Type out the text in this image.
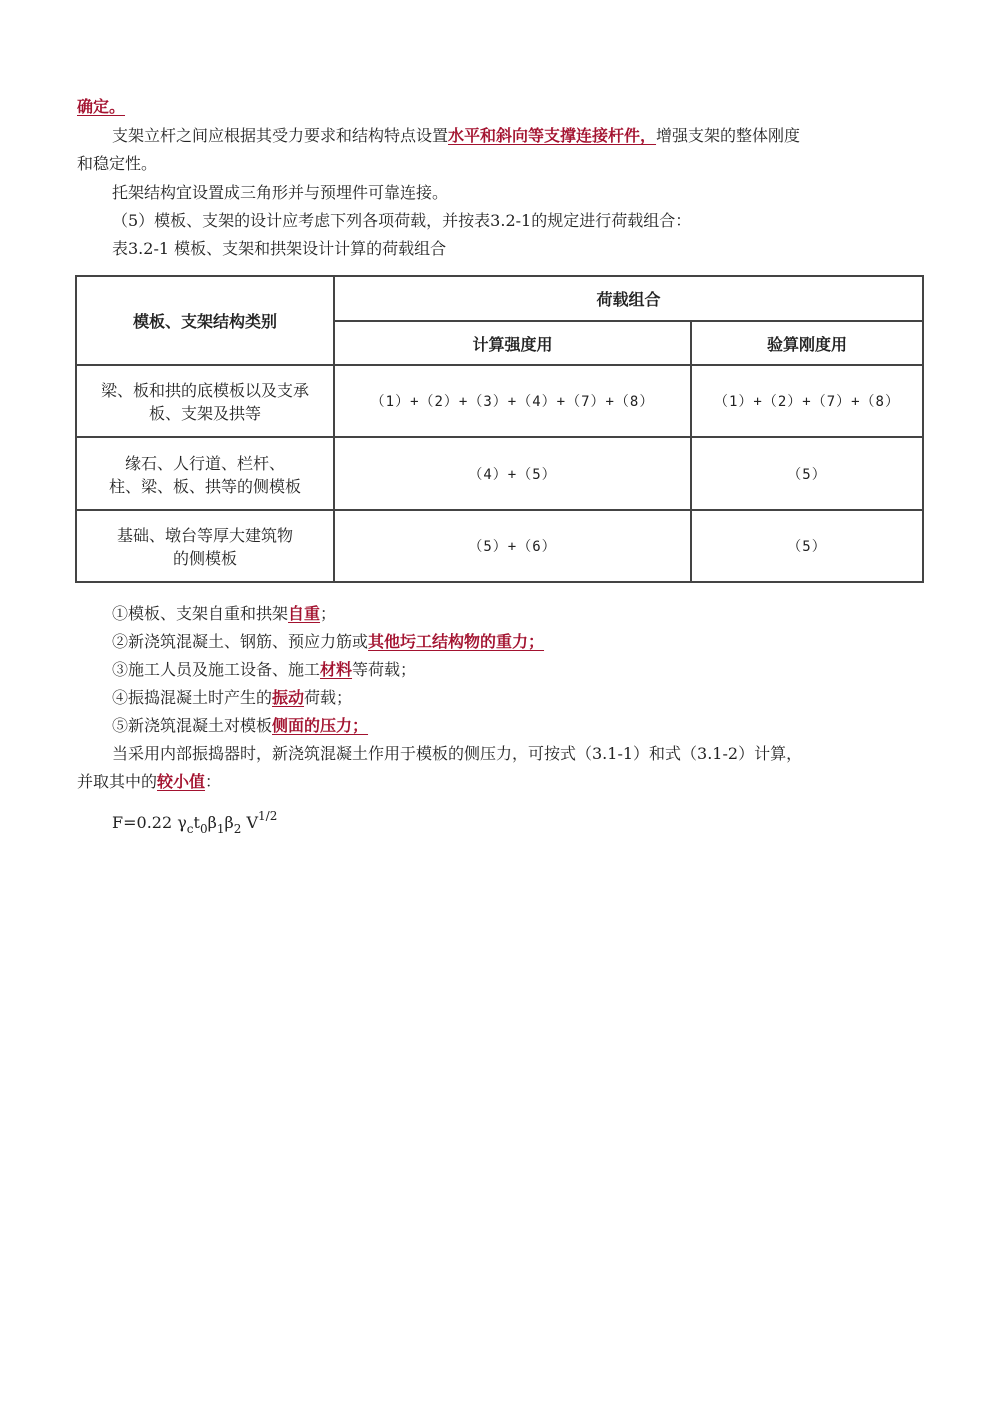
确定。
支架立杆之间应根据其受力要求和结构特点设置水平和斜向等支撑连接杆件，增强支架的整体刚度
和稳定性。
托架结构宜设置成三角形并与预埋件可靠连接。
（5）模板、支架的设计应考虑下列各项荷载，并按表3.2-1的规定进行荷载组合：
表3.2-1 模板、支架和拱架设计计算的荷载组合
模板、支架结构类别	荷载组合	
	计算强度用	验算刚度用

梁、板和拱的底模板以及支承
板、支架及拱等	（1）+（2）+（3）+（4）+（7）+（8）	（1）+（2）+（7）+（8）

缘石、人行道、栏杆、
柱、梁、板、拱等的侧模板	（4）+（5）	（5）

基础、墩台等厚大建筑物
的侧模板	（5）+（6）	（5）
①模板、支架自重和拱架自重；
②新浇筑混凝土、钢筋、预应力筋或其他圬工结构物的重力；
③施工人员及施工设备、施工材料等荷载；
④振捣混凝土时产生的振动荷载；
⑤新浇筑混凝土对模板侧面的压力；
当采用内部振捣器时，新浇筑混凝土作用于模板的侧压力，可按式（3.1-1）和式（3.1-2）计算，
并取其中的较小值：
F=0.22 $\gamma_ct_0\beta_1\beta_2$ $V^{1/2}$
